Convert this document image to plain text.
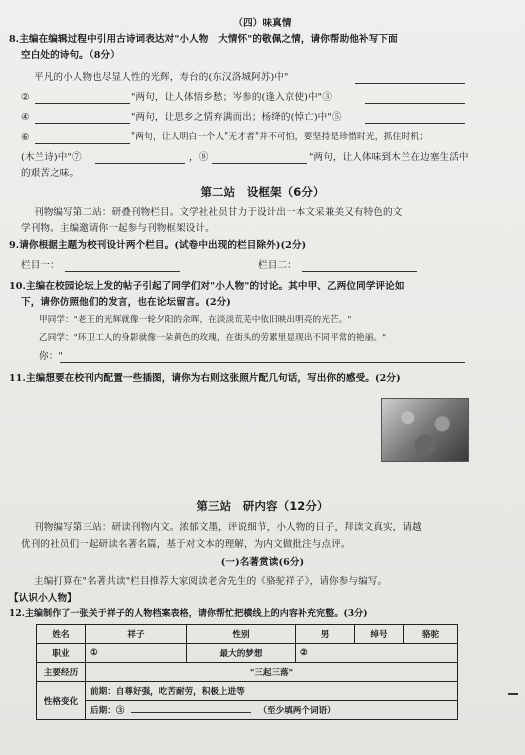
（四）味真情
8.主编在编辑过程中引用古诗词表达对"小人物　大情怀"的敬佩之情，请你帮助他补写下面
空白处的诗句。（8分）
平凡的小人物也尽显人性的光辉，寿台的(东汉洛城阿苏)中"
②	"两句，让人体悟乡愁；岑参的(逢入京使)中"③
④	"两句，让思乡之情弃满而出；杨绛的(悼亡)中"⑤
⑥	"两句，让人明白一个人"无才者"并不可怕，要坚持是珍惜时光，抓住时机；
(木兰诗)中"⑦	，⑧	"两句，让人体味到木兰在边塞生活中
的艰苦之味。
第二站　设框架（6分）
刊物编写第二站：研叠刊物栏目。文学社社员甘力于设计出一本文采兼美又有特色的文
学刊物。主编邀请你一起参与刊物框架设计。
9.请你根据主题为校刊设计两个栏目。(试卷中出现的栏目除外)(2分)
栏目一：	栏目二：
10.主编在校园论坛上发的帖子引起了同学们对"小人物"的讨论。其中甲、乙两位同学评论如
下，请你仿照他们的发言，也在论坛留言。(2分)
甲同学："老王的光辉就像一轮夕阳的余晖，在淡淡荒芜中依旧映出明亮的光芒。"
乙同学："环卫工人的身影就像一朵黄色的玫瑰，在街头的劳累里显现出不同平常的艳丽。"
你："
11.主编想要在校刊内配置一些插图，请你为右则这张照片配几句话，写出你的感受。(2分)
第三站　研内容（12分）
刊物编写第三站：研读刊物内文。浓郁文墨，评说细节，小人物的日子，拜读文真实，请越
优刊的社员们一起研读名著名篇，基于对文本的理解，为内文做批注与点评。
(一)名著赏读(6分)
主编打算在"名著共读"栏目推荐大家阅读老舍先生的《骆驼祥子》，请你参与编写。
【认识小人物】
12.主编制作了一张关于祥子的人物档案表格，请你帮忙把横线上的内容补充完整。(3分)
姓名	祥子	性别	男	绰号	骆驼
职业	①	最大的梦想	②		
主要经历	"三起三落"				
性格变化	前期：自尊好强，吃苦耐劳，积极上进等				
	后期：③ （至少填两个词语）				
